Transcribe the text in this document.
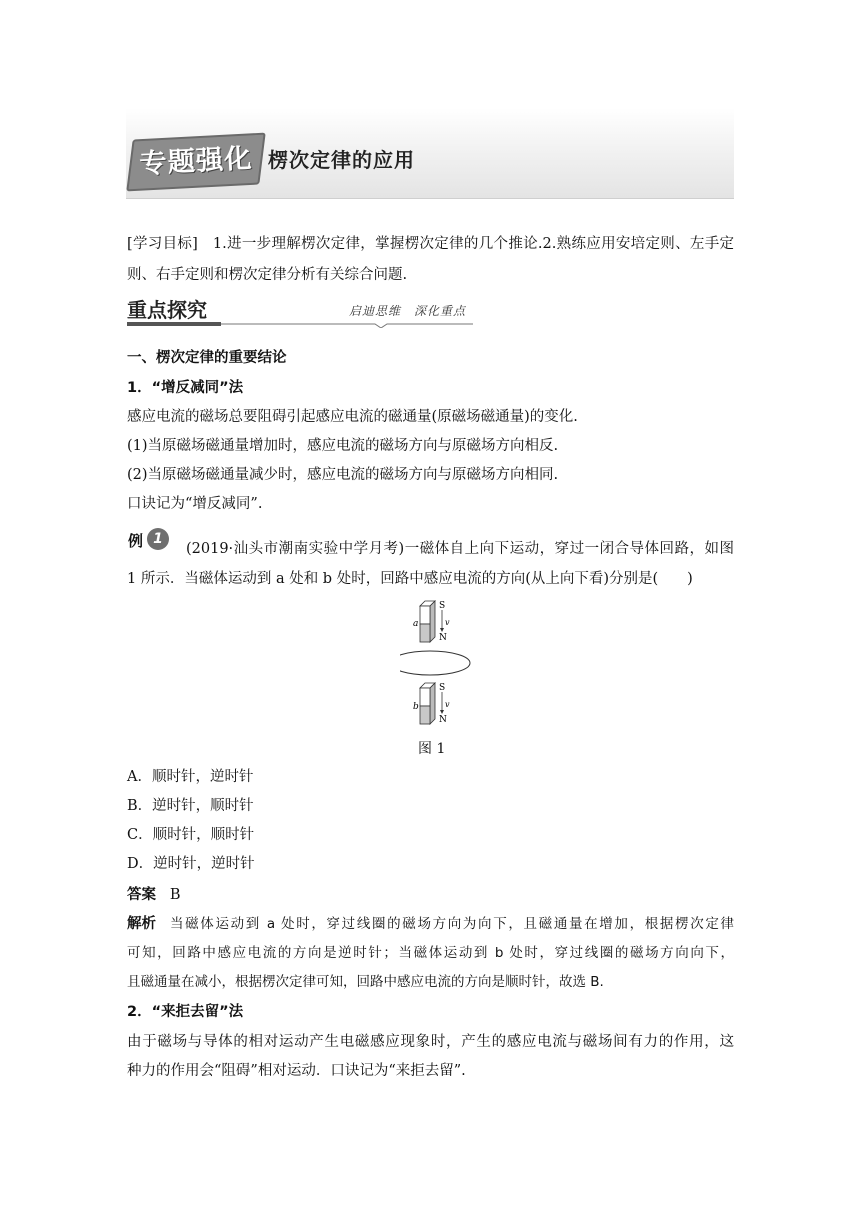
专题强化 楞次定律的应用
[学习目标]　1.进一步理解楞次定律，掌握楞次定律的几个推论.2.熟练应用安培定则、左手定
则、右手定则和楞次定律分析有关综合问题.
重点探究	启迪思维　深化重点
一、楞次定律的重要结论
1．“增反减同”法
感应电流的磁场总要阻碍引起感应电流的磁通量(原磁场磁通量)的变化.
(1)当原磁场磁通量增加时，感应电流的磁场方向与原磁场方向相反.
(2)当原磁场磁通量减少时，感应电流的磁场方向与原磁场方向相同.
口诀记为“增反减同”.
例 1
(2019·汕头市潮南实验中学月考)一磁体自上向下运动，穿过一闭合导体回路，如图
1 所示．当磁体运动到 a 处和 b 处时，回路中感应电流的方向(从上向下看)分别是(　　)
a
S
v
N
b
S
v
N
图 1
A．顺时针，逆时针
B．逆时针，顺时针
C．顺时针，顺时针
D．逆时针，逆时针
答案 B
解析 当磁体运动到 a 处时，穿过线圈的磁场方向为向下，且磁通量在增加，根据楞次定律
可知，回路中感应电流的方向是逆时针；当磁体运动到 b 处时，穿过线圈的磁场方向向下，
且磁通量在减小，根据楞次定律可知，回路中感应电流的方向是顺时针，故选 B.
2．“来拒去留”法
由于磁场与导体的相对运动产生电磁感应现象时，产生的感应电流与磁场间有力的作用，这
种力的作用会“阻碍”相对运动．口诀记为“来拒去留”.
